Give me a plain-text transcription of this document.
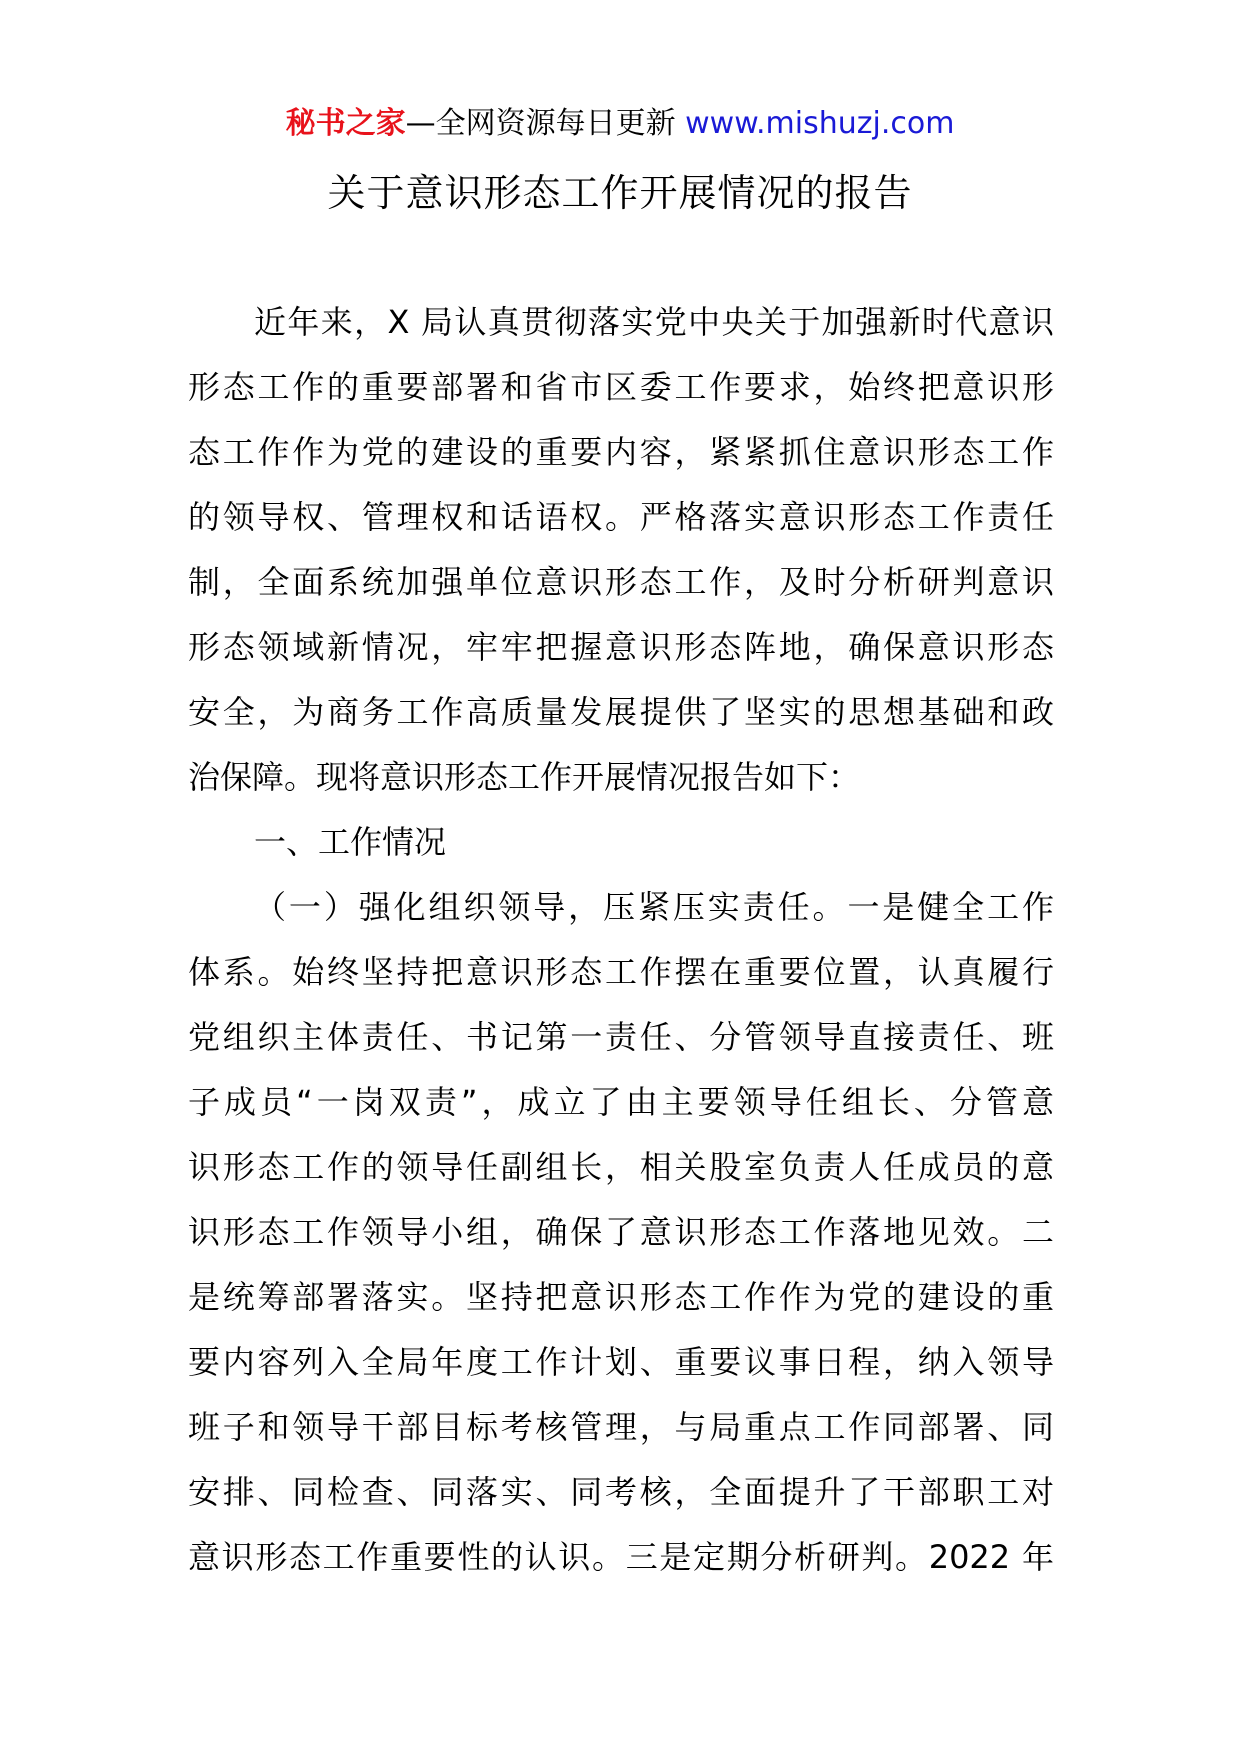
秘书之家—全网资源每日更新 www.mishuzj.com
关于意识形态工作开展情况的报告
近年来，X 局认真贯彻落实党中央关于加强新时代意识
形态工作的重要部署和省市区委工作要求，始终把意识形
态工作作为党的建设的重要内容，紧紧抓住意识形态工作
的领导权、管理权和话语权。严格落实意识形态工作责任
制，全面系统加强单位意识形态工作，及时分析研判意识
形态领域新情况，牢牢把握意识形态阵地，确保意识形态
安全，为商务工作高质量发展提供了坚实的思想基础和政
治保障。现将意识形态工作开展情况报告如下：
一、工作情况
（一）强化组织领导，压紧压实责任。一是健全工作
体系。始终坚持把意识形态工作摆在重要位置，认真履行
党组织主体责任、书记第一责任、分管领导直接责任、班
子成员“一岗双责”，成立了由主要领导任组长、分管意
识形态工作的领导任副组长，相关股室负责人任成员的意
识形态工作领导小组，确保了意识形态工作落地见效。二
是统筹部署落实。坚持把意识形态工作作为党的建设的重
要内容列入全局年度工作计划、重要议事日程，纳入领导
班子和领导干部目标考核管理，与局重点工作同部署、同
安排、同检查、同落实、同考核，全面提升了干部职工对
意识形态工作重要性的认识。三是定期分析研判。2022 年
